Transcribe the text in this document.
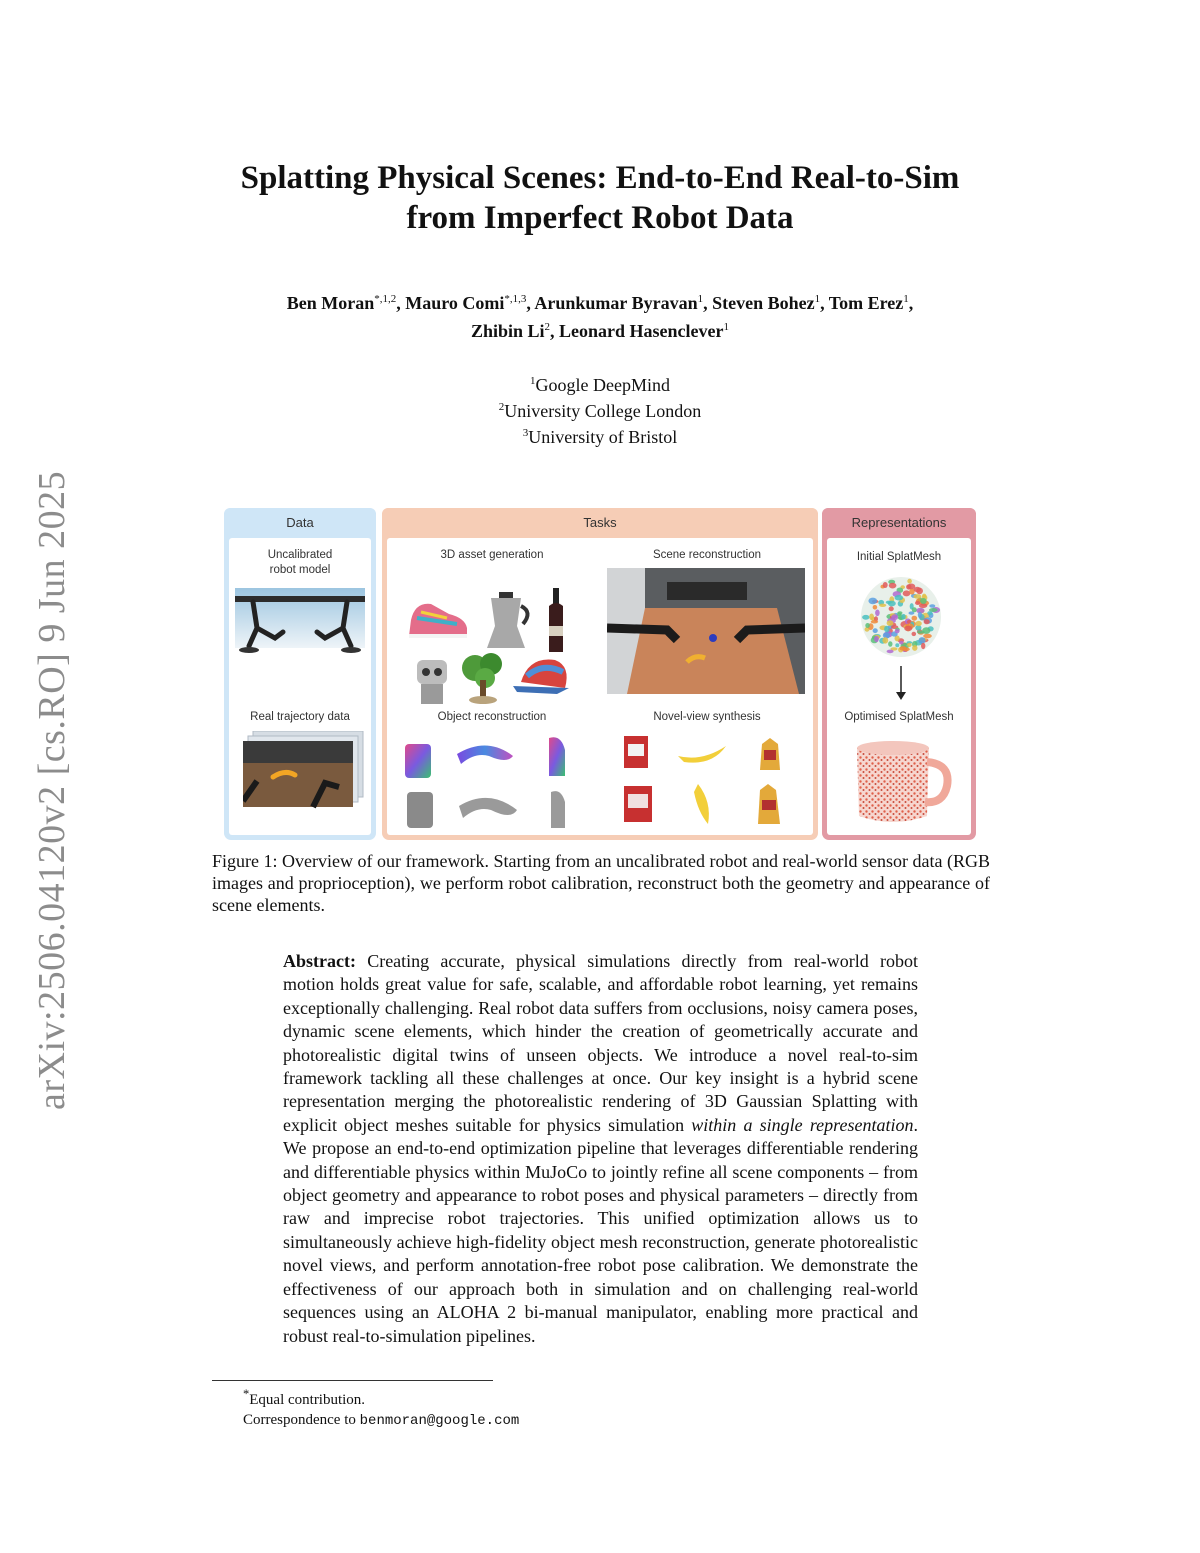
arXiv:2506.04120v2 [cs.RO] 9 Jun 2025
Splatting Physical Scenes: End-to-End Real-to-Sim
from Imperfect Robot Data
Ben Moran$^{*,1,2}$, Mauro Comi$^{*,1,3}$, Arunkumar Byravan$^1$, Steven Bohez$^1$, Tom Erez$^1$,
Zhibin Li$^2$, Leonard Hasenclever$^1$
$^1$Google DeepMind
$^2$University College London
$^3$University of Bristol
Data
Uncalibrated
robot model
Real trajectory data
Tasks
3D asset generation	Scene reconstruction
Object reconstruction	Novel-view synthesis
Representations
Initial SplatMesh
Optimised SplatMesh
Figure 1: Overview of our framework. Starting from an uncalibrated robot and real-world sensor data (RGB images and proprioception), we perform robot calibration, reconstruct both the geometry and appearance of scene elements.
Abstract: Creating accurate, physical simulations directly from real-world robot motion holds great value for safe, scalable, and affordable robot learning, yet remains exceptionally challenging. Real robot data suffers from occlusions, noisy camera poses, dynamic scene elements, which hinder the creation of geometrically accurate and photorealistic digital twins of unseen objects. We introduce a novel real-to-sim framework tackling all these challenges at once. Our key insight is a hybrid scene representation merging the photorealistic rendering of 3D Gaussian Splatting with explicit object meshes suitable for physics simulation within a single representation. We propose an end-to-end optimization pipeline that leverages differentiable rendering and differentiable physics within MuJoCo to jointly refine all scene components – from object geometry and appearance to robot poses and physical parameters – directly from raw and imprecise robot trajectories. This unified optimization allows us to simultaneously achieve high-fidelity object mesh reconstruction, generate photorealistic novel views, and perform annotation-free robot pose calibration. We demonstrate the effectiveness of our approach both in simulation and on challenging real-world sequences using an ALOHA 2 bi-manual manipulator, enabling more practical and robust real-to-simulation pipelines.
*Equal contribution.
Correspondence to benmoran@google.com
